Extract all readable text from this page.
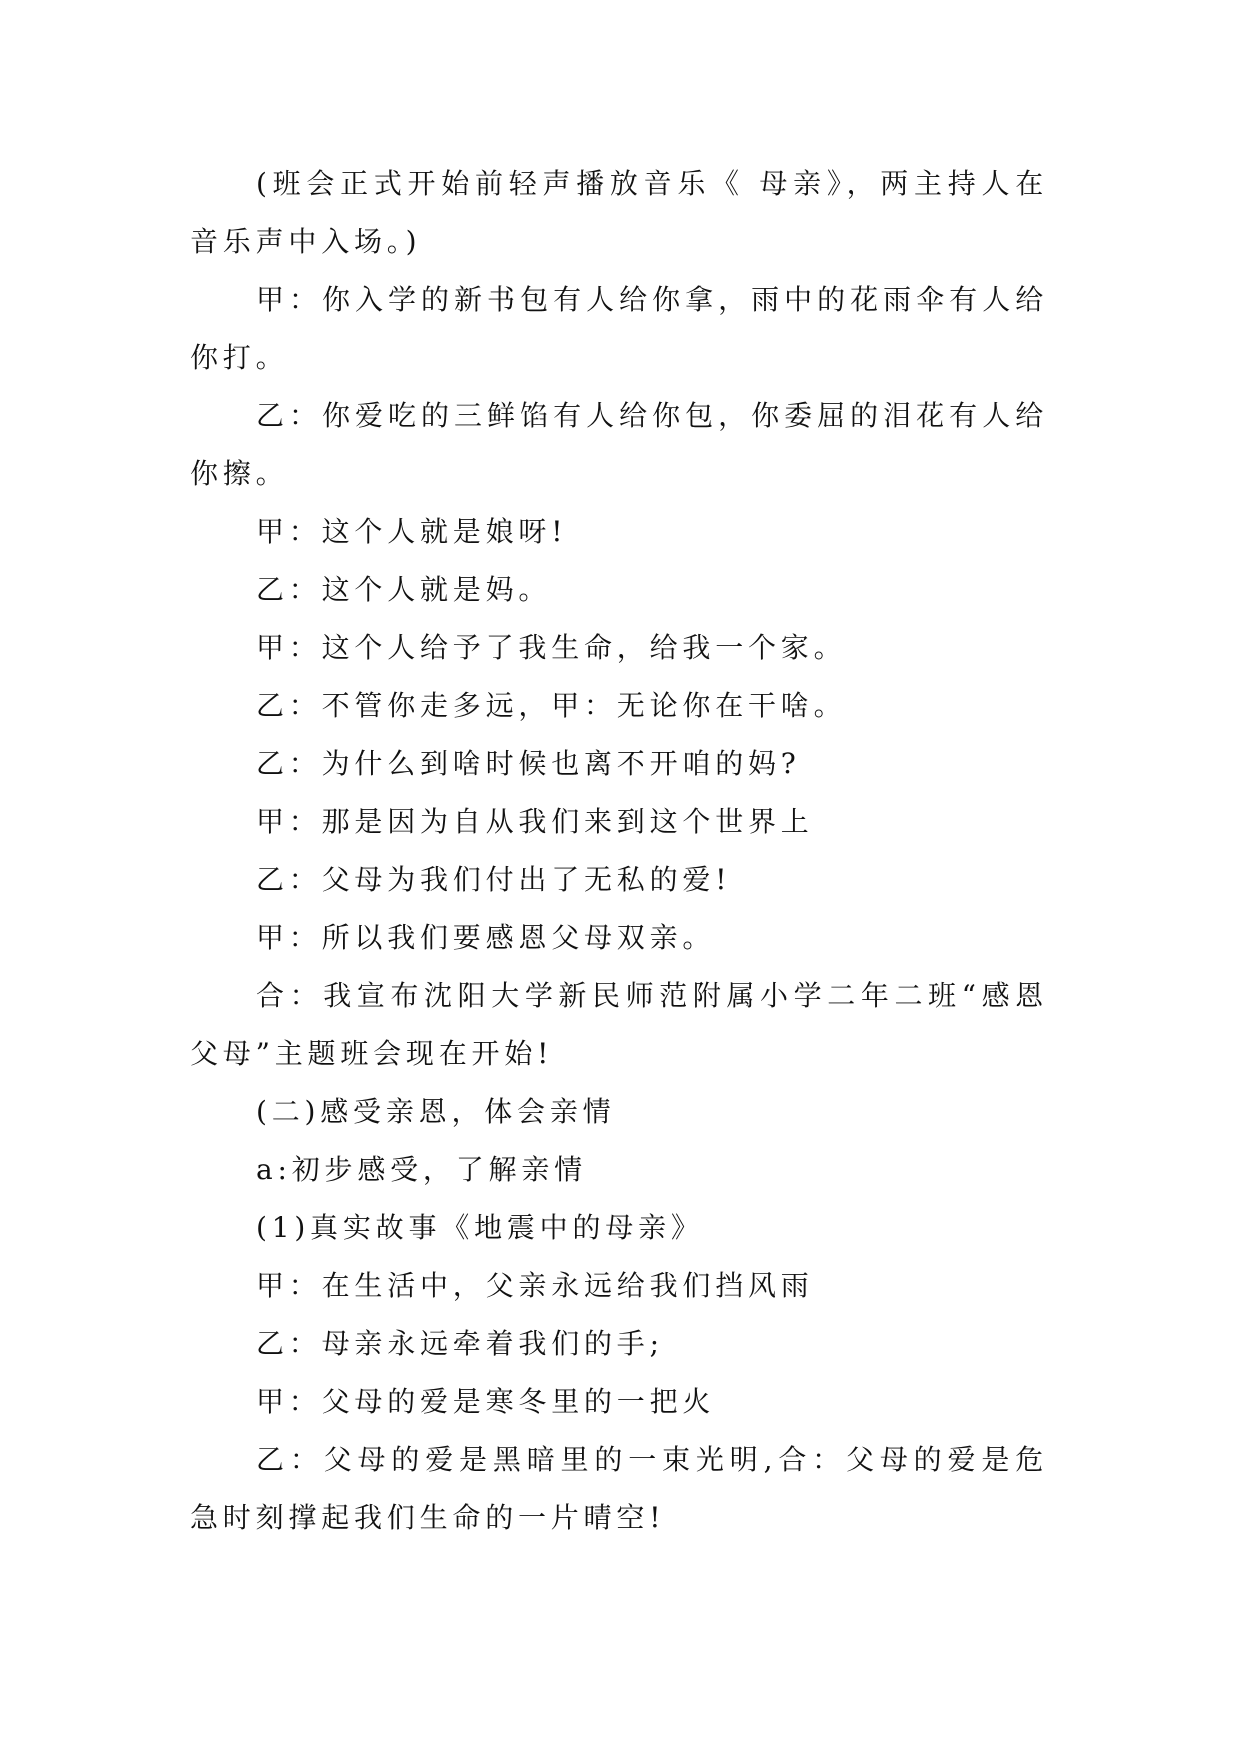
(班会正式开始前轻声播放音乐《 母亲》，两主持人在
音乐声中入场。)
甲：你入学的新书包有人给你拿，雨中的花雨伞有人给
你打。
乙：你爱吃的三鲜馅有人给你包，你委屈的泪花有人给
你擦。
甲：这个人就是娘呀!
乙：这个人就是妈。
甲：这个人给予了我生命，给我一个家。
乙：不管你走多远，甲：无论你在干啥。
乙：为什么到啥时候也离不开咱的妈?
甲：那是因为自从我们来到这个世界上
乙：父母为我们付出了无私的爱!
甲：所以我们要感恩父母双亲。
合：我宣布沈阳大学新民师范附属小学二年二班“感恩
父母”主题班会现在开始!
(二)感受亲恩，体会亲情
a:初步感受，了解亲情
(1)真实故事《地震中的母亲》
甲：在生活中，父亲永远给我们挡风雨
乙：母亲永远牵着我们的手;
甲：父母的爱是寒冬里的一把火
乙：父母的爱是黑暗里的一束光明,合：父母的爱是危
急时刻撑起我们生命的一片晴空!
